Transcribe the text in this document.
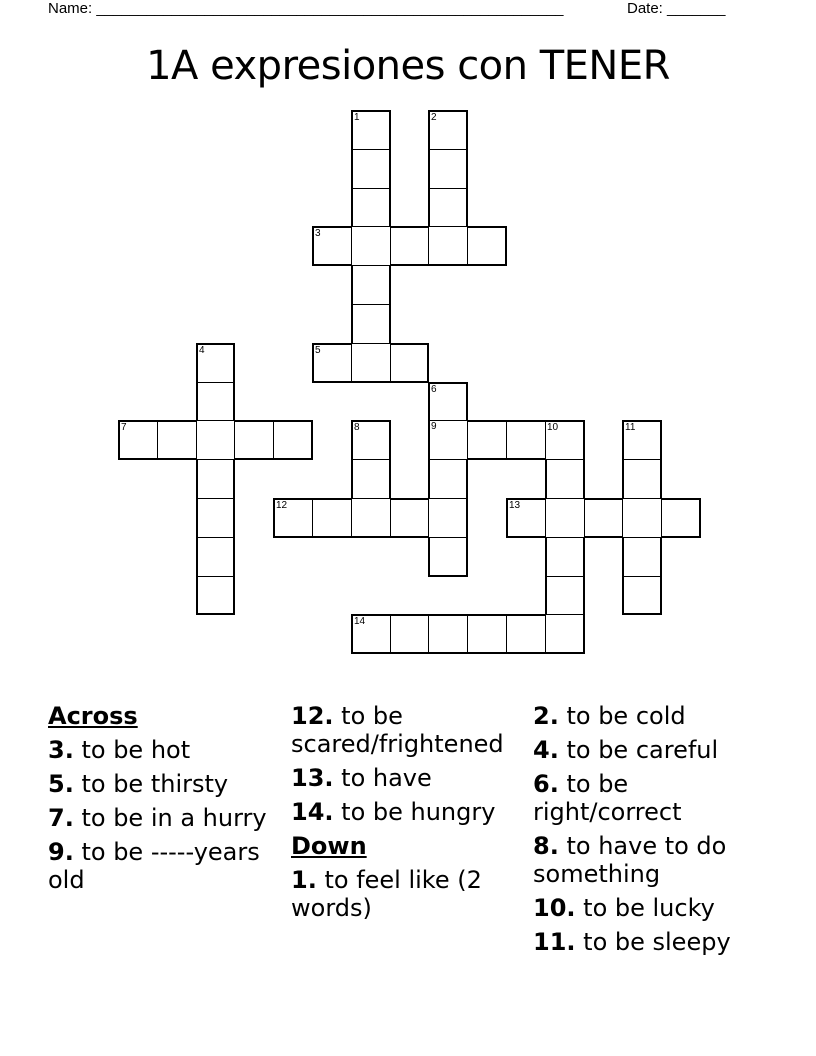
Name: ________________________________________________________	Date: _______
1A expresiones con TENER
1	2
3
4	5
6
9
7	8	10	11
12	13
14
Across
3. to be hot
5. to be thirsty
7. to be in a hurry
9. to be -----years old
12. to be scared/frightened
13. to have
14. to be hungry
Down
1. to feel like (2 words)
2. to be cold
4. to be careful
6. to be right/correct
8. to have to do something
10. to be lucky
11. to be sleepy
